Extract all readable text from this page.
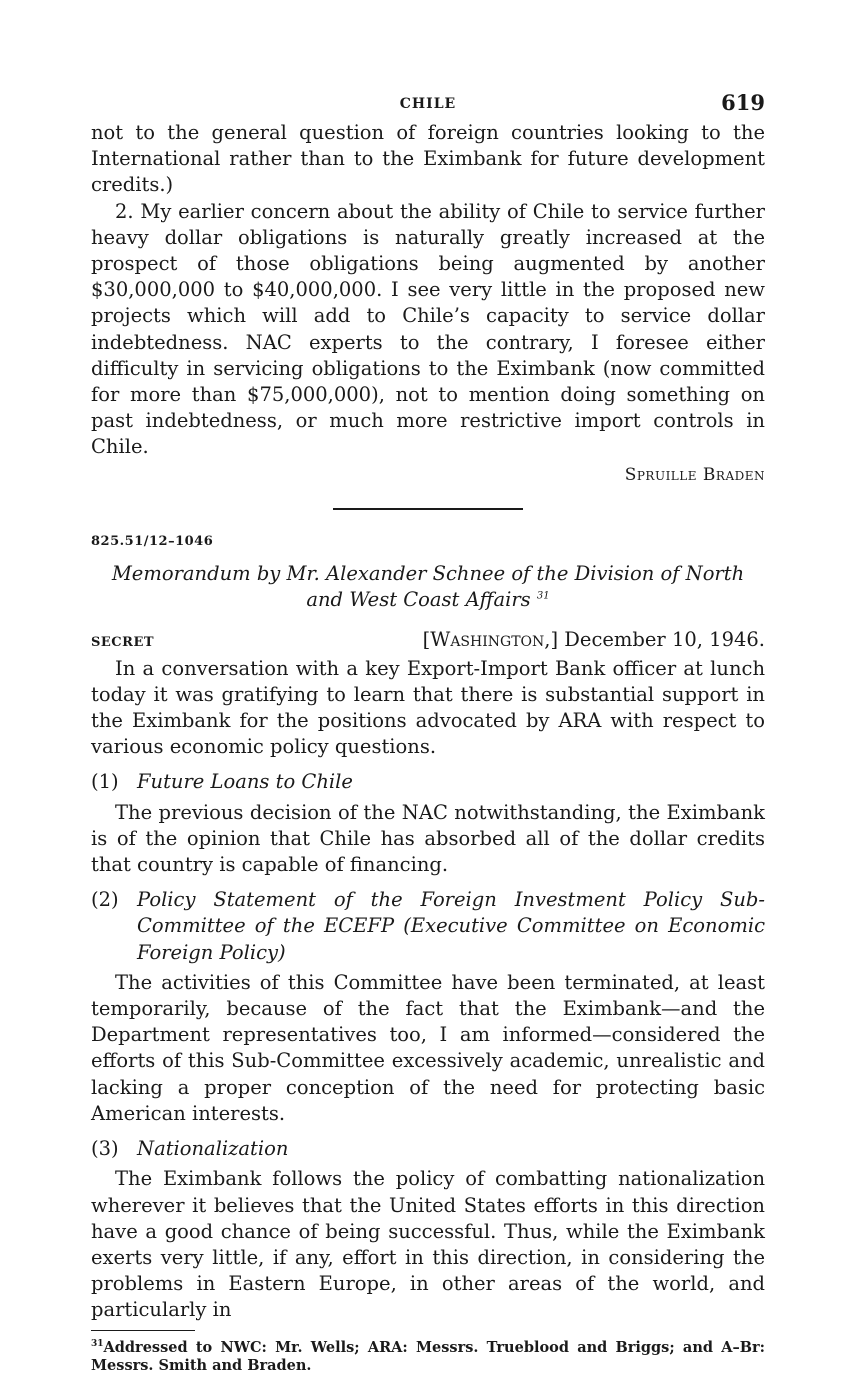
CHILE	619

not to the general question of foreign countries looking to the International rather than to the Eximbank for future development credits.)

2. My earlier concern about the ability of Chile to service further heavy dollar obligations is naturally greatly increased at the prospect of those obligations being augmented by another $30,000,000 to $40,000,000. I see very little in the proposed new projects which will add to Chile’s capacity to service dollar indebtedness. NAC experts to the contrary, I foresee either difficulty in servicing obligations to the Eximbank (now committed for more than $75,000,000), not to mention doing something on past indebtedness, or much more restrictive import controls in Chile.

Spruille Braden
825.51/12–1046
Memorandum by Mr. Alexander Schnee of the Division of North and West Coast Affairs $^{31}$
SECRET	[Washington,] December 10, 1946.

In a conversation with a key Export-Import Bank officer at lunch today it was gratifying to learn that there is substantial support in the Eximbank for the positions advocated by ARA with respect to various economic policy questions.

(1) Future Loans to Chile

The previous decision of the NAC notwithstanding, the Eximbank is of the opinion that Chile has absorbed all of the dollar credits that country is capable of financing.

(2) Policy Statement of the Foreign Investment Policy Sub-Committee of the ECEFP (Executive Committee on Economic Foreign Policy)

The activities of this Committee have been terminated, at least temporarily, because of the fact that the Eximbank—and the Department representatives too, I am informed—considered the efforts of this Sub-Committee excessively academic, unrealistic and lacking a proper conception of the need for protecting basic American interests.

(3) Nationalization

The Eximbank follows the policy of combatting nationalization wherever it believes that the United States efforts in this direction have a good chance of being successful. Thus, while the Eximbank exerts very little, if any, effort in this direction, in considering the problems in Eastern Europe, in other areas of the world, and particularly in

$^{31}$Addressed to NWC: Mr. Wells; ARA: Messrs. Trueblood and Briggs; and A–Br: Messrs. Smith and Braden.
